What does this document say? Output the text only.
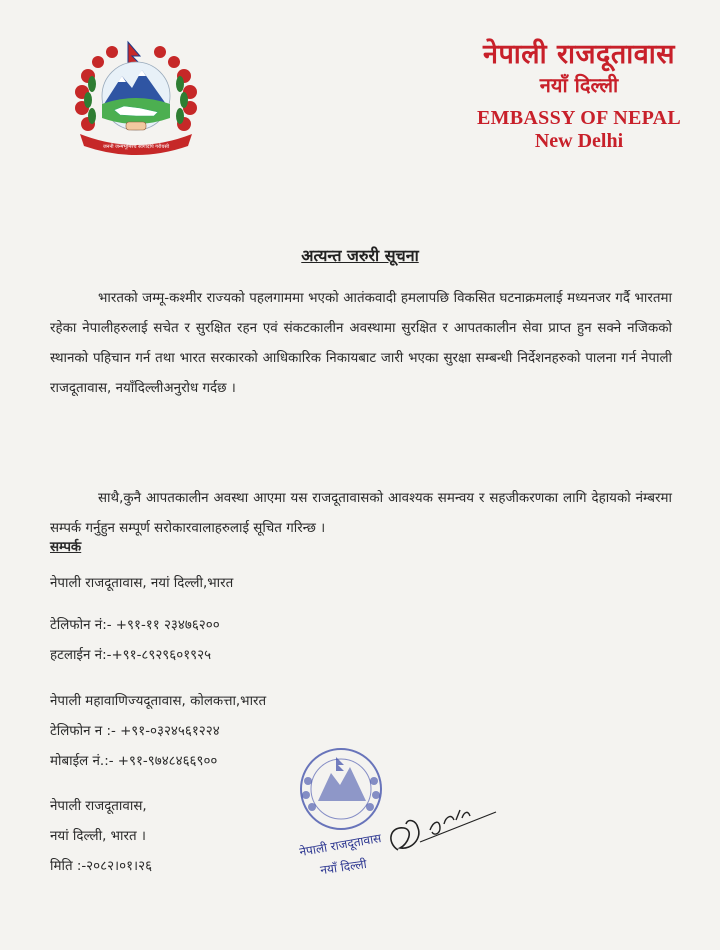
जननी जन्मभूमिश्च स्वर्गादपि गरीयसी
नेपाली राजदूतावास
नयाँ दिल्ली
EMBASSY OF NEPAL
New Delhi
अत्यन्त जरुरी सूचना
भारतको जम्मू-कश्मीर राज्यको पहलगाममा भएको आतंकवादी हमलापछि विकसित घटनाक्रमलाई मध्यनजर गर्दै भारतमा रहेका नेपालीहरुलाई सचेत र सुरक्षित रहन एवं संकटकालीन अवस्थामा सुरक्षित र आपतकालीन सेवा प्राप्त हुन सक्ने नजिकको स्थानको पहिचान गर्न तथा भारत सरकारको आधिकारिक निकायबाट जारी भएका सुरक्षा सम्बन्धी निर्देशनहरुको पालना गर्न नेपाली राजदूतावास, नयाँदिल्लीअनुरोध गर्दछ ।
साथै,कुनै आपतकालीन अवस्था आएमा यस राजदूतावासको आवश्यक समन्वय र सहजीकरणका लागि देहायको नंम्बरमा सम्पर्क गर्नुहुन सम्पूर्ण सरोकारवालाहरुलाई सूचित गरिन्छ ।
सम्पर्क
नेपाली राजदूतावास, नयां दिल्ली,भारत
टेलिफोन नं:- +९१-११ २३४७६२००
हटलाईन नं:-+९१-८९२९६०१९२५
नेपाली महावाणिज्यदूतावास, कोलकत्ता,भारत
टेलिफोन न :- +९१-०३२४५६१२२४
मोबाईल नं.:- +९१-९७४८४६६९००
नेपाली राजदूतावास,
नयां दिल्ली, भारत ।
मिति :-२०८२।०१।२६
नेपाली राजदूतावास
नयाँ दिल्ली
